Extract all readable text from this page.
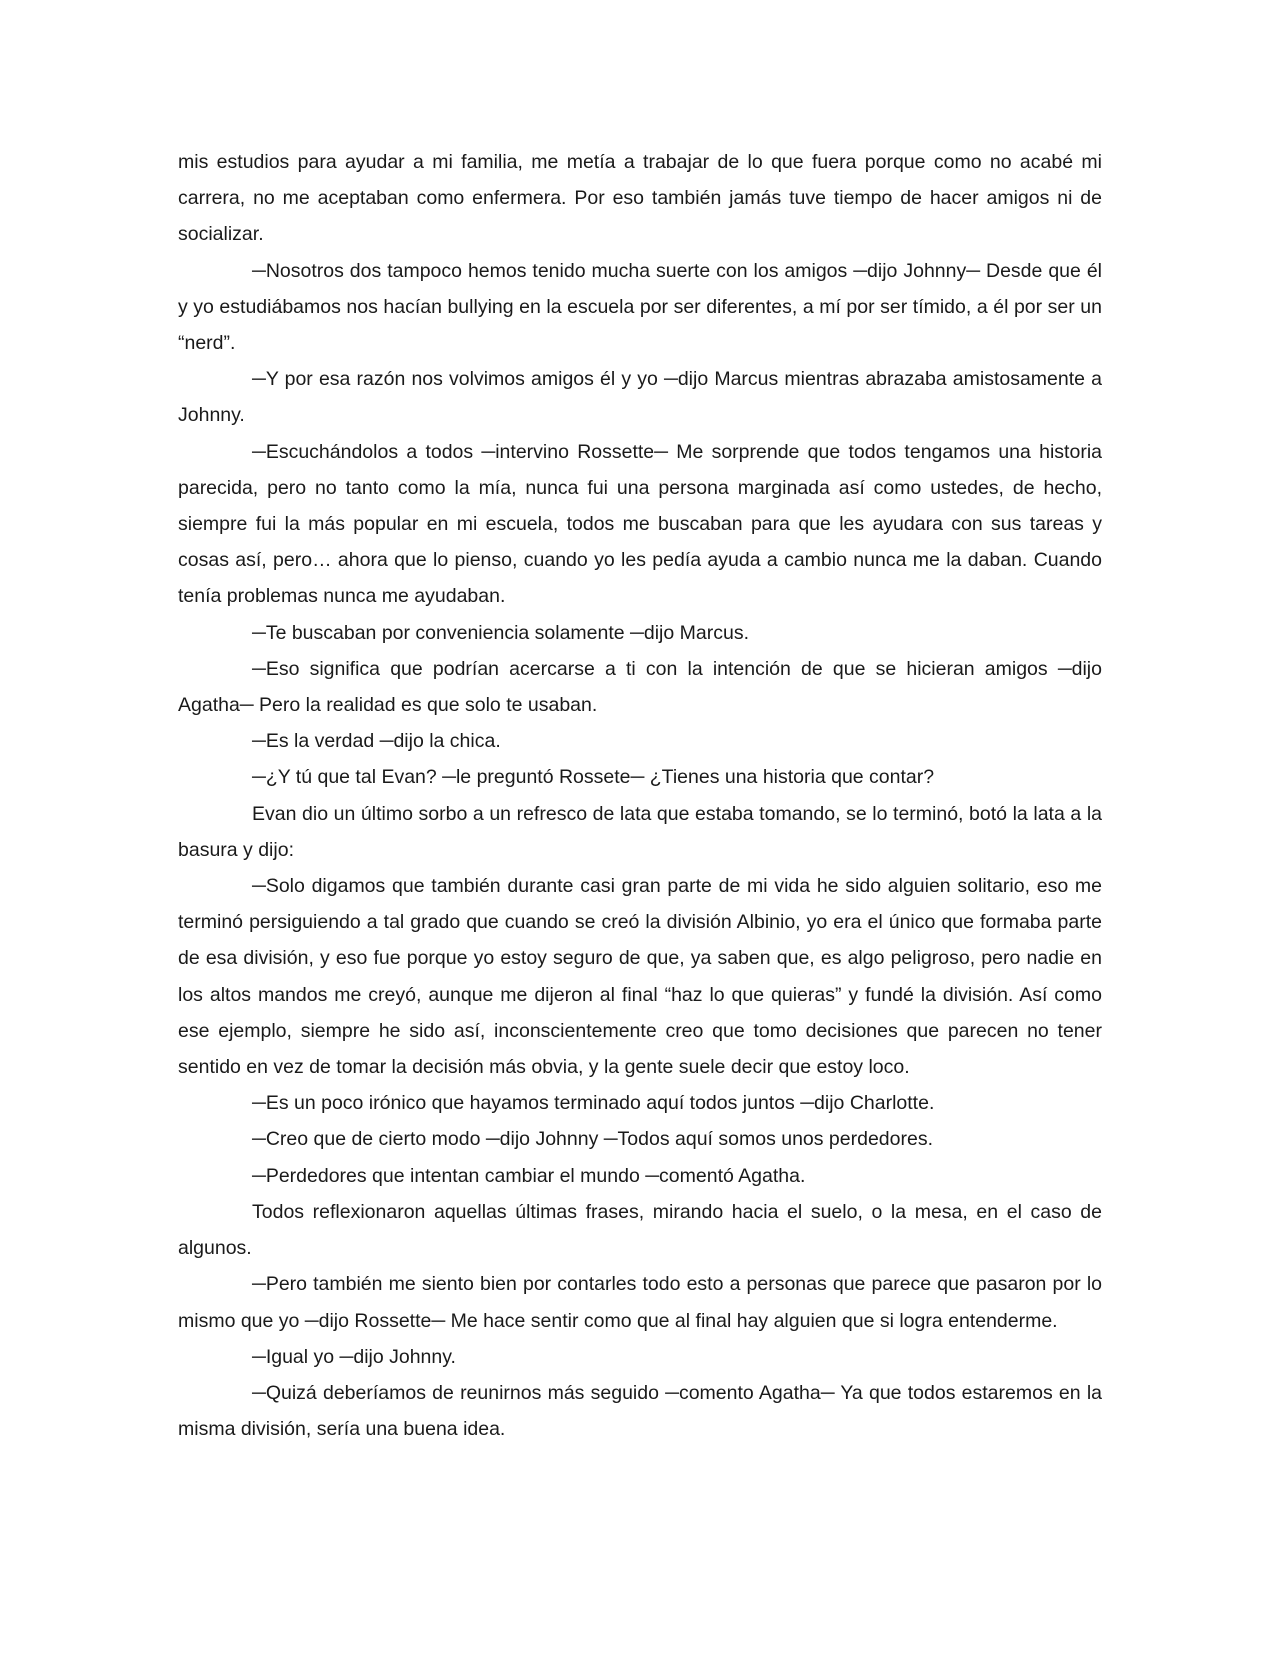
mis estudios para ayudar a mi familia, me metía a trabajar de lo que fuera porque como no acabé mi carrera, no me aceptaban como enfermera. Por eso también jamás tuve tiempo de hacer amigos ni de socializar.

─Nosotros dos tampoco hemos tenido mucha suerte con los amigos ─dijo Johnny─ Desde que él y yo estudiábamos nos hacían bullying en la escuela por ser diferentes, a mí por ser tímido, a él por ser un “nerd”.

─Y por esa razón nos volvimos amigos él y yo ─dijo Marcus mientras abrazaba amistosamente a Johnny.

─Escuchándolos a todos ─intervino Rossette─ Me sorprende que todos tengamos una historia parecida, pero no tanto como la mía, nunca fui una persona marginada así como ustedes, de hecho, siempre fui la más popular en mi escuela, todos me buscaban para que les ayudara con sus tareas y cosas así, pero… ahora que lo pienso, cuando yo les pedía ayuda a cambio nunca me la daban. Cuando tenía problemas nunca me ayudaban.

─Te buscaban por conveniencia solamente ─dijo Marcus.

─Eso significa que podrían acercarse a ti con la intención de que se hicieran amigos ─dijo Agatha─ Pero la realidad es que solo te usaban.

─Es la verdad ─dijo la chica.

─¿Y tú que tal Evan? ─le preguntó Rossete─ ¿Tienes una historia que contar?

Evan dio un último sorbo a un refresco de lata que estaba tomando, se lo terminó, botó la lata a la basura y dijo:

─Solo digamos que también durante casi gran parte de mi vida he sido alguien solitario, eso me terminó persiguiendo a tal grado que cuando se creó la división Albinio, yo era el único que formaba parte de esa división, y eso fue porque yo estoy seguro de que, ya saben que, es algo peligroso, pero nadie en los altos mandos me creyó, aunque me dijeron al final “haz lo que quieras” y fundé la división. Así como ese ejemplo, siempre he sido así, inconscientemente creo que tomo decisiones que parecen no tener sentido en vez de tomar la decisión más obvia, y la gente suele decir que estoy loco.

─Es un poco irónico que hayamos terminado aquí todos juntos ─dijo Charlotte.

─Creo que de cierto modo ─dijo Johnny ─Todos aquí somos unos perdedores.

─Perdedores que intentan cambiar el mundo ─comentó Agatha.

Todos reflexionaron aquellas últimas frases, mirando hacia el suelo, o la mesa, en el caso de algunos.

─Pero también me siento bien por contarles todo esto a personas que parece que pasaron por lo mismo que yo ─dijo Rossette─ Me hace sentir como que al final hay alguien que si logra entenderme.

─Igual yo ─dijo Johnny.

─Quizá deberíamos de reunirnos más seguido ─comento Agatha─ Ya que todos estaremos en la misma división, sería una buena idea.
